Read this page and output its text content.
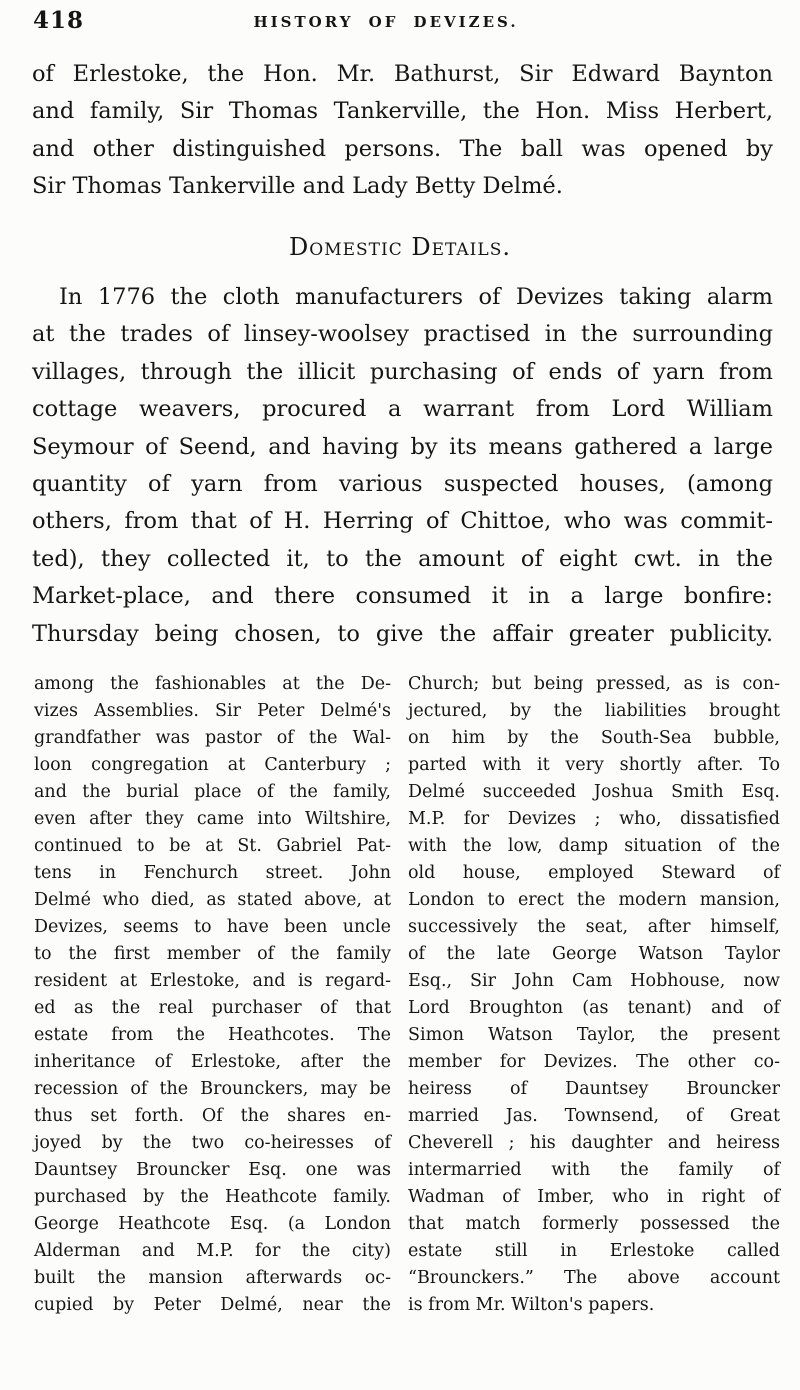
418	HISTORY OF DEVIZES.
of Erlestoke, the Hon. Mr. Bathurst, Sir Edward Baynton
and family, Sir Thomas Tankerville, the Hon. Miss Herbert,
and other distinguished persons. The ball was opened by
Sir Thomas Tankerville and Lady Betty Delmé.
Domestic Details.
In 1776 the cloth manufacturers of Devizes taking alarm
at the trades of linsey-woolsey practised in the surrounding
villages, through the illicit purchasing of ends of yarn from
cottage weavers, procured a warrant from Lord William
Seymour of Seend, and having by its means gathered a large
quantity of yarn from various suspected houses, (among
others, from that of H. Herring of Chittoe, who was commit-
ted), they collected it, to the amount of eight cwt. in the
Market-place, and there consumed it in a large bonfire:
Thursday being chosen, to give the affair greater publicity.
among the fashionables at the De-
vizes Assemblies. Sir Peter Delmé's
grandfather was pastor of the Wal-
loon congregation at Canterbury ;
and the burial place of the family,
even after they came into Wiltshire,
continued to be at St. Gabriel Pat-
tens in Fenchurch street. John
Delmé who died, as stated above, at
Devizes, seems to have been uncle
to the first member of the family
resident at Erlestoke, and is regard-
ed as the real purchaser of that
estate from the Heathcotes. The
inheritance of Erlestoke, after the
recession of the Brounckers, may be
thus set forth. Of the shares en-
joyed by the two co-heiresses of
Dauntsey Brouncker Esq. one was
purchased by the Heathcote family.
George Heathcote Esq. (a London
Alderman and M.P. for the city)
built the mansion afterwards oc-
cupied by Peter Delmé, near the
Church; but being pressed, as is con-
jectured, by the liabilities brought
on him by the South-Sea bubble,
parted with it very shortly after. To
Delmé succeeded Joshua Smith Esq.
M.P. for Devizes ; who, dissatisfied
with the low, damp situation of the
old house, employed Steward of
London to erect the modern mansion,
successively the seat, after himself,
of the late George Watson Taylor
Esq., Sir John Cam Hobhouse, now
Lord Broughton (as tenant) and of
Simon Watson Taylor, the present
member for Devizes. The other co-
heiress of Dauntsey Brouncker
married Jas. Townsend, of Great
Cheverell ; his daughter and heiress
intermarried with the family of
Wadman of Imber, who in right of
that match formerly possessed the
estate still in Erlestoke called
“Brounckers.” The above account
is from Mr. Wilton's papers.
